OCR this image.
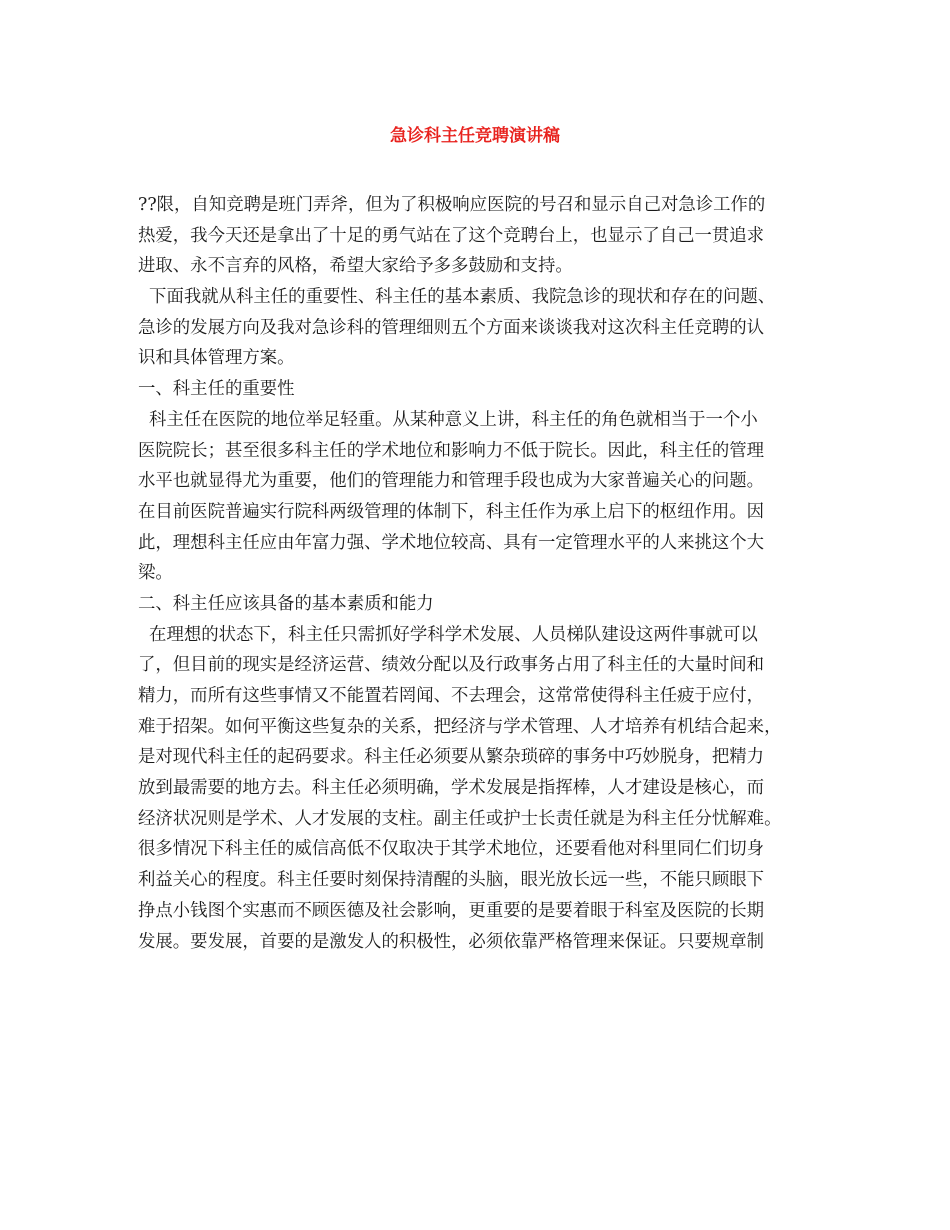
急诊科主任竞聘演讲稿
??限，自知竞聘是班门弄斧，但为了积极响应医院的号召和显示自己对急诊工作的
热爱，我今天还是拿出了十足的勇气站在了这个竞聘台上，也显示了自己一贯追求
进取、永不言弃的风格，希望大家给予多多鼓励和支持。
下面我就从科主任的重要性、科主任的基本素质、我院急诊的现状和存在的问题、
急诊的发展方向及我对急诊科的管理细则五个方面来谈谈我对这次科主任竞聘的认
识和具体管理方案。
一、科主任的重要性
科主任在医院的地位举足轻重。从某种意义上讲，科主任的角色就相当于一个小
医院院长；甚至很多科主任的学术地位和影响力不低于院长。因此，科主任的管理
水平也就显得尤为重要，他们的管理能力和管理手段也成为大家普遍关心的问题。
在目前医院普遍实行院科两级管理的体制下，科主任作为承上启下的枢纽作用。因
此，理想科主任应由年富力强、学术地位较高、具有一定管理水平的人来挑这个大
梁。
二、科主任应该具备的基本素质和能力
在理想的状态下，科主任只需抓好学科学术发展、人员梯队建设这两件事就可以
了，但目前的现实是经济运营、绩效分配以及行政事务占用了科主任的大量时间和
精力，而所有这些事情又不能置若罔闻、不去理会，这常常使得科主任疲于应付，
难于招架。如何平衡这些复杂的关系，把经济与学术管理、人才培养有机结合起来，
是对现代科主任的起码要求。科主任必须要从繁杂琐碎的事务中巧妙脱身，把精力
放到最需要的地方去。科主任必须明确，学术发展是指挥棒，人才建设是核心，而
经济状况则是学术、人才发展的支柱。副主任或护士长责任就是为科主任分忧解难。
很多情况下科主任的威信高低不仅取决于其学术地位，还要看他对科里同仁们切身
利益关心的程度。科主任要时刻保持清醒的头脑，眼光放长远一些，不能只顾眼下
挣点小钱图个实惠而不顾医德及社会影响，更重要的是要着眼于科室及医院的长期
发展。要发展，首要的是激发人的积极性，必须依靠严格管理来保证。只要规章制
